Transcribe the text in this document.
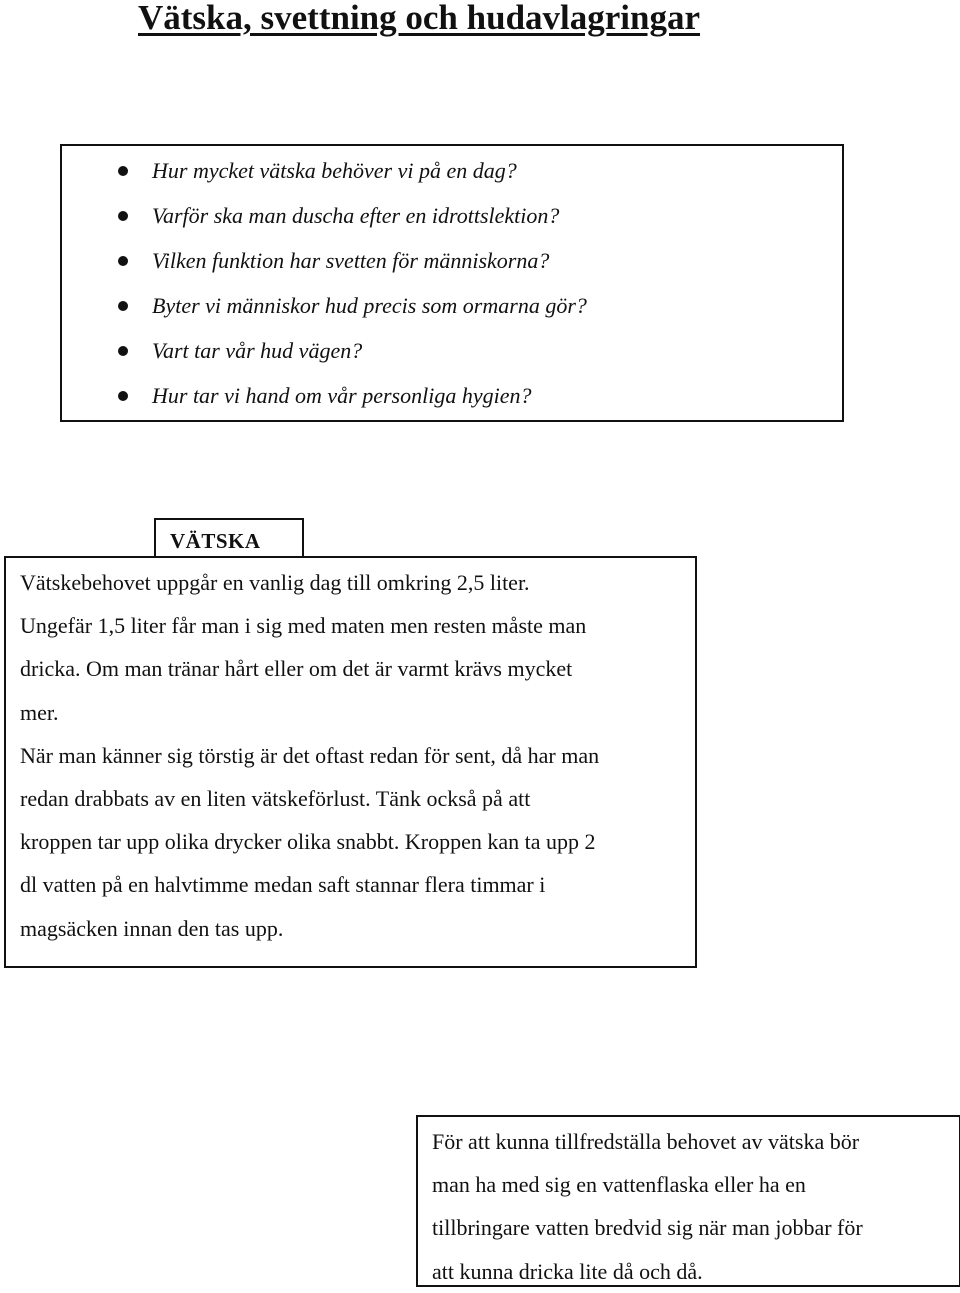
Vätska, svettning och hudavlagringar
Hur mycket vätska behöver vi på en dag?
Varför ska man duscha efter en idrottslektion?
Vilken funktion har svetten för människorna?
Byter vi människor hud precis som ormarna gör?
Vart tar vår hud vägen?
Hur tar vi hand om vår personliga hygien?

Vätskebehovet uppgår en vanlig dag till omkring 2,5 liter.
Ungefär 1,5 liter får man i sig med maten men resten måste man
dricka. Om man tränar hårt eller om det är varmt krävs mycket
mer.
När man känner sig törstig är det oftast redan för sent, då har man
redan drabbats av en liten vätskeförlust. Tänk också på att
kroppen tar upp olika drycker olika snabbt. Kroppen kan ta upp 2
dl vatten på en halvtimme medan saft stannar flera timmar i
magsäcken innan den tas upp.

VÄTSKA

För att kunna tillfredställa behovet av vätska bör
man ha med sig en vattenflaska eller ha en
tillbringare vatten bredvid sig när man jobbar för
att kunna dricka lite då och då.
